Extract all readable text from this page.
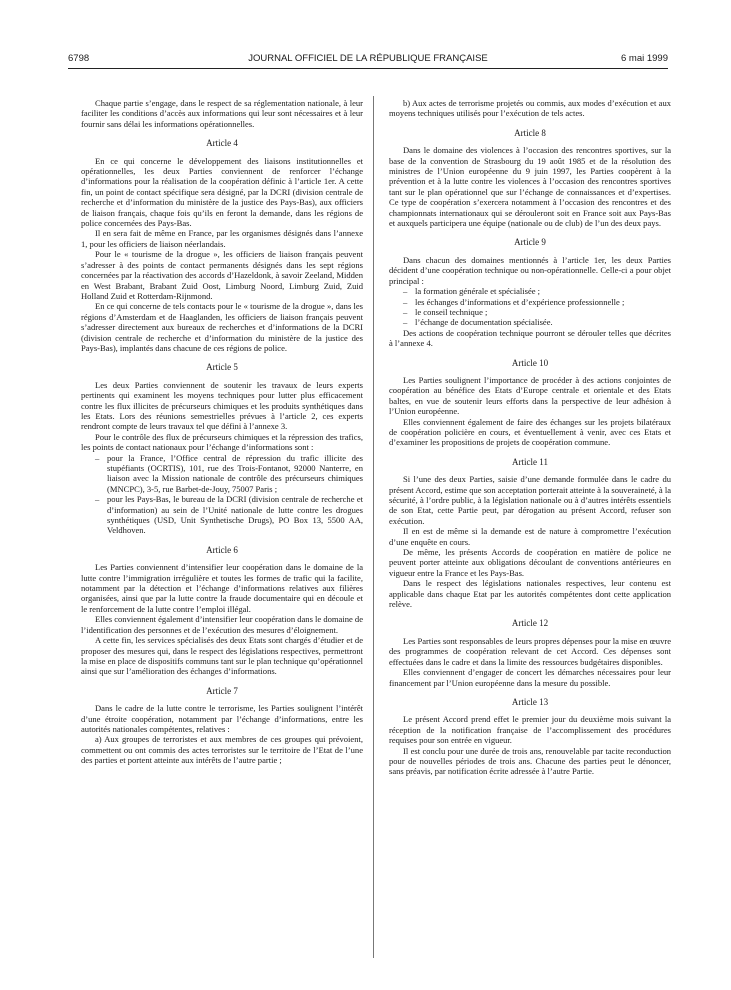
6798	JOURNAL OFFICIEL DE LA RÉPUBLIQUE FRANÇAISE	6 mai 1999

Chaque partie s’engage, dans le respect de sa réglementation nationale, à leur faciliter les conditions d’accès aux informations qui leur sont nécessaires et à leur fournir sans délai les informations opérationnelles.

Article 4

En ce qui concerne le développement des liaisons institutionnelles et opérationnelles, les deux Parties conviennent de renforcer l’échange d’informations pour la réalisation de la coopération définic à l’article 1er. A cette fin, un point de contact spécifique sera désigné, par la DCRI (division centrale de recherche et d’information du ministère de la justice des Pays-Bas), aux officiers de liaison français, chaque fois qu’ils en feront la demande, dans les régions de police concernées des Pays-Bas.

Il en sera fait de même en France, par les organismes désignés dans l’annexe 1, pour les officiers de liaison néerlandais.

Pour le « tourisme de la drogue », les officiers de liaison français peuvent s’adresser à des points de contact permanents désignés dans les sept régions concernées par la réactivation des accords d’Hazeldonk, à savoir Zeeland, Midden en West Brabant, Brabant Zuid Oost, Limburg Noord, Limburg Zuid, Zuid Holland Zuid et Rotterdam-Rijnmond.

En ce qui concerne de tels contacts pour le « tourisme de la drogue », dans les régions d’Amsterdam et de Haaglanden, les officiers de liaison français peuvent s’adresser directement aux bureaux de recherches et d’informations de la DCRI (division centrale de recherche et d’information du ministère de la justice des Pays-Bas), implantés dans chacune de ces régions de police.

Article 5

Les deux Parties conviennent de soutenir les travaux de leurs experts pertinents qui examinent les moyens techniques pour lutter plus efficacement contre les flux illicites de précurseurs chimiques et les produits synthétiques dans les Etats. Lors des réunions semestrielles prévues à l’article 2, ces experts rendront compte de leurs travaux tel que défini à l’annexe 3.

Pour le contrôle des flux de précurseurs chimiques et la répression des trafics, les points de contact nationaux pour l’échange d’informations sont :

– pour la France, l’Office central de répression du trafic illicite des stupéfiants (OCRTIS), 101, rue des Trois-Fontanot, 92000 Nanterre, en liaison avec la Mission nationale de contrôle des précurseurs chimiques (MNCPC), 3-5, rue Barbet-de-Jouy, 75007 Paris ;

– pour les Pays-Bas, le bureau de la DCRI (division centrale de recherche et d’information) au sein de l’Unité nationale de lutte contre les drogues synthétiques (USD, Unit Synthetische Drugs), PO Box 13, 5500 AA, Veldhoven.

Article 6

Les Parties conviennent d’intensifier leur coopération dans le domaine de la lutte contre l’immigration irrégulière et toutes les formes de trafic qui la facilite, notamment par la détection et l’échange d’informations relatives aux filières organisées, ainsi que par la lutte contre la fraude documentaire qui en découle et le renforcement de la lutte contre l’emploi illégal.

Elles conviennent également d’intensifier leur coopération dans le domaine de l’identification des personnes et de l’exécution des mesures d’éloignement.

A cette fin, les services spécialisés des deux Etats sont chargés d’étudier et de proposer des mesures qui, dans le respect des législations respectives, permettront la mise en place de dispositifs communs tant sur le plan technique qu’opérationnel ainsi que sur l’amélioration des échanges d’informations.

Article 7

Dans le cadre de la lutte contre le terrorisme, les Parties soulignent l’intérêt d’une étroite coopération, notamment par l’échange d’informations, entre les autorités nationales compétentes, relatives :

a) Aux groupes de terroristes et aux membres de ces groupes qui prévoient, commettent ou ont commis des actes terroristes sur le territoire de l’Etat de l’une des parties et portent atteinte aux intérêts de l’autre partie ;

b) Aux actes de terrorisme projetés ou commis, aux modes d’exécution et aux moyens techniques utilisés pour l’exécution de tels actes.

Article 8

Dans le domaine des violences à l’occasion des rencontres sportives, sur la base de la convention de Strasbourg du 19 août 1985 et de la résolution des ministres de l’Union européenne du 9 juin 1997, les Parties coopèrent à la prévention et à la lutte contre les violences à l’occasion des rencontres sportives tant sur le plan opérationnel que sur l’échange de connaissances et d’expertises. Ce type de coopération s’exercera notamment à l’occasion des rencontres et des championnats internationaux qui se dérouleront soit en France soit aux Pays-Bas et auxquels participera une équipe (nationale ou de club) de l’un des deux pays.

Article 9

Dans chacun des domaines mentionnés à l’article 1er, les deux Parties décident d’une coopération technique ou non-opérationnelle. Celle-ci a pour objet principal :

– la formation générale et spécialisée ;

– les échanges d’informations et d’expérience professionnelle ;

– le conseil technique ;

– l’échange de documentation spécialisée.

Des actions de coopération technique pourront se dérouler telles que décrites à l’annexe 4.

Article 10

Les Parties soulignent l’importance de procéder à des actions conjointes de coopération au bénéfice des Etats d’Europe centrale et orientale et des Etats baltes, en vue de soutenir leurs efforts dans la perspective de leur adhésion à l’Union européenne.

Elles conviennent également de faire des échanges sur les projets bilatéraux de coopération policière en cours, et éventuellement à venir, avec ces Etats et d’examiner les propositions de projets de coopération commune.

Article 11

Si l’une des deux Parties, saisie d’une demande formulée dans le cadre du présent Accord, estime que son acceptation porterait atteinte à la souveraineté, à la sécurité, à l’ordre public, à la législation nationale ou à d’autres intérêts essentiels de son Etat, cette Partie peut, par dérogation au présent Accord, refuser son exécution.

Il en est de même si la demande est de nature à compromettre l’exécution d’une enquête en cours.

De même, les présents Accords de coopération en matière de police ne peuvent porter atteinte aux obligations découlant de conventions antérieures en vigueur entre la France et les Pays-Bas.

Dans le respect des législations nationales respectives, leur contenu est applicable dans chaque Etat par les autorités compétentes dont cette application relève.

Article 12

Les Parties sont responsables de leurs propres dépenses pour la mise en œuvre des programmes de coopération relevant de cet Accord. Ces dépenses sont effectuées dans le cadre et dans la limite des ressources budgétaires disponibles.

Elles conviennent d’engager de concert les démarches nécessaires pour leur financement par l’Union européenne dans la mesure du possible.

Article 13

Le présent Accord prend effet le premier jour du deuxième mois suivant la réception de la notification française de l’accomplissement des procédures requises pour son entrée en vigueur.

Il est conclu pour une durée de trois ans, renouvelable par tacite reconduction pour de nouvelles périodes de trois ans. Chacune des parties peut le dénoncer, sans préavis, par notification écrite adressée à l’autre Partie.
